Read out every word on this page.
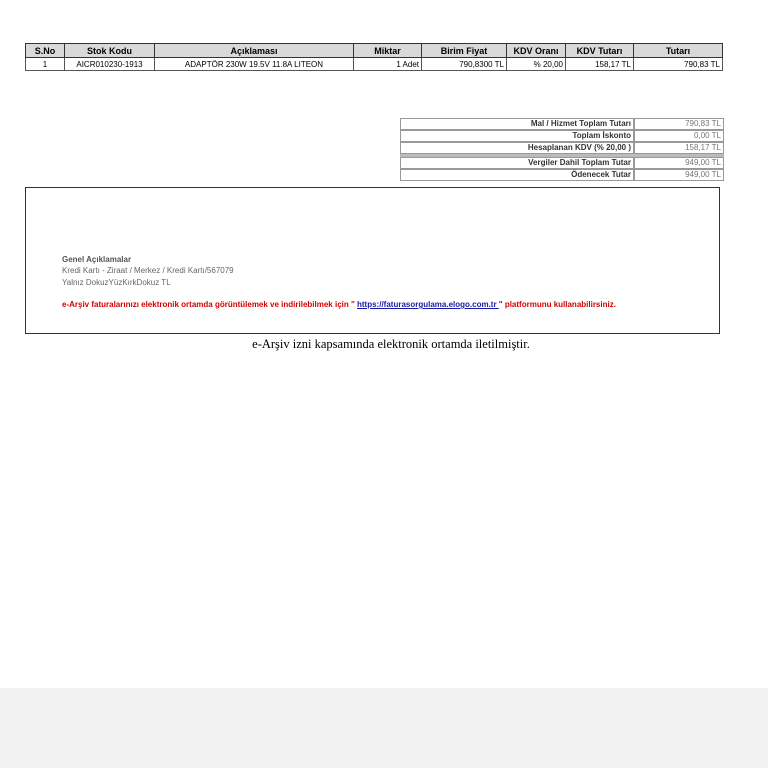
S.No	Stok Kodu	Açıklaması	Miktar	Birim Fiyat	KDV Oranı	KDV Tutarı	Tutarı
1	AICR010230-1913	ADAPTÖR 230W 19.5V 11.8A LITEON	1 Adet	790,8300 TL	% 20,00	158,17 TL	790,83 TL
Mal / Hizmet Toplam Tutarı	790,83 TL
Toplam İskonto	0,00 TL
Hesaplanan KDV (% 20,00 )	158,17 TL

Vergiler Dahil Toplam Tutar	949,00 TL
Ödenecek Tutar	949,00 TL
Genel Açıklamalar
Kredi Kartı - Ziraat / Merkez / Kredi Kartı/567079
Yalnız DokuzYüzKırkDokuz TL
e-Arşiv faturalarınızı elektronik ortamda görüntülemek ve indirilebilmek için " https://faturasorgulama.elogo.com.tr " platformunu kullanabilirsiniz.
e-Arşiv izni kapsamında elektronik ortamda iletilmiştir.
